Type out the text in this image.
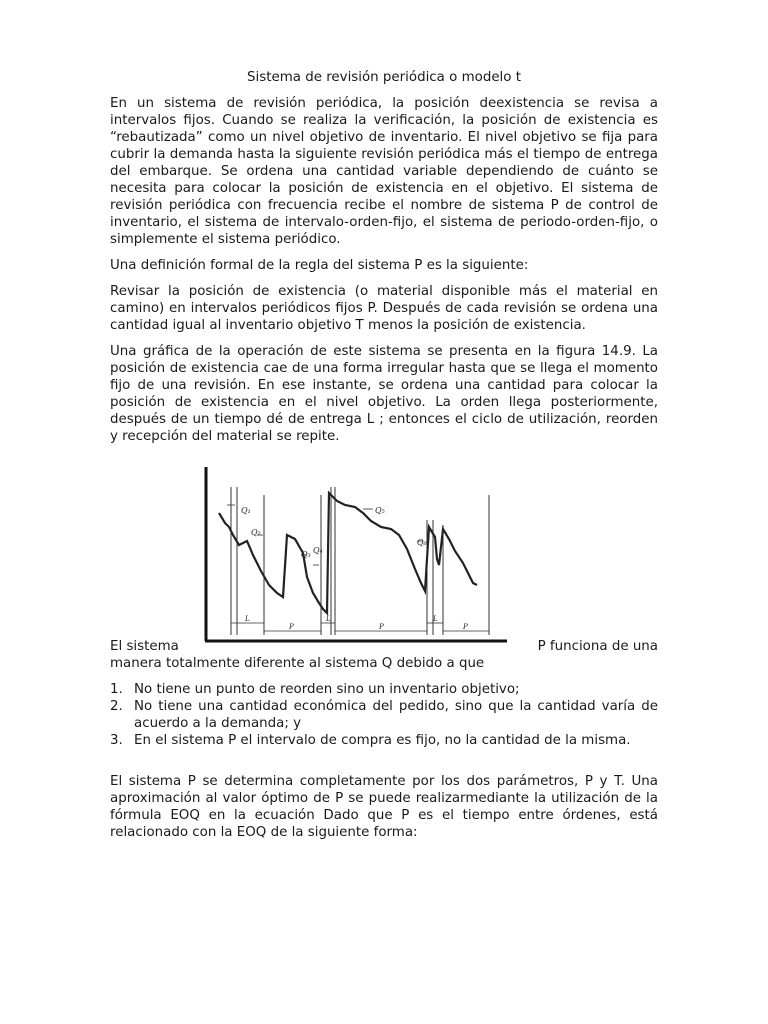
Sistema de revisión periódica o modelo t

En un sistema de revisión periódica, la posición deexistencia se revisa a intervalos fijos. Cuando se realiza la verificación, la posición de existencia es “rebautizada” como un nivel objetivo de inventario. El nivel objetivo se fija para cubrir la demanda hasta la siguiente revisión periódica más el tiempo de entrega del embarque. Se ordena una cantidad variable dependiendo de cuánto se necesita para colocar la posición de existencia en el objetivo. El sistema de revisión periódica con frecuencia recibe el nombre de sistema P de control de inventario, el sistema de intervalo-orden-fijo, el sistema de periodo-orden-fijo, o simplemente el sistema periódico.

Una definición formal de la regla del sistema P es la siguiente:

Revisar la posición de existencia (o material disponible más el material en camino) en intervalos periódicos fijos P. Después de cada revisión se ordena una cantidad igual al inventario objetivo T menos la posición de existencia.

Una gráfica de la operación de este sistema se presenta en la figura 14.9. La posición de existencia cae de una forma irregular hasta que se llega el momento fijo de una revisión. En ese instante, se ordena una cantidad para colocar la posición de existencia en el nivel objetivo. La orden llega posteriormente, después de un tiempo dé de entrega L ; entonces el ciclo de utilización, reorden y recepción del material se repite.

Q₁
Q₂
Q₃ Q₄
Q₅
Q₆
L
P
L
P
L
P
El sistema	P funciona de una
manera totalmente diferente al sistema Q debido a que
1. No tiene un punto de reorden sino un inventario objetivo;
2. No tiene una cantidad económica del pedido, sino que la cantidad varía de acuerdo a la demanda; y
3. En el sistema P el intervalo de compra es fijo, no la cantidad de la misma.

El sistema P se determina completamente por los dos parámetros, P y T. Una aproximación al valor óptimo de P se puede realizarmediante la utilización de la fórmula EOQ en la ecuación Dado que P es el tiempo entre órdenes, está relacionado con la EOQ de la siguiente forma:
